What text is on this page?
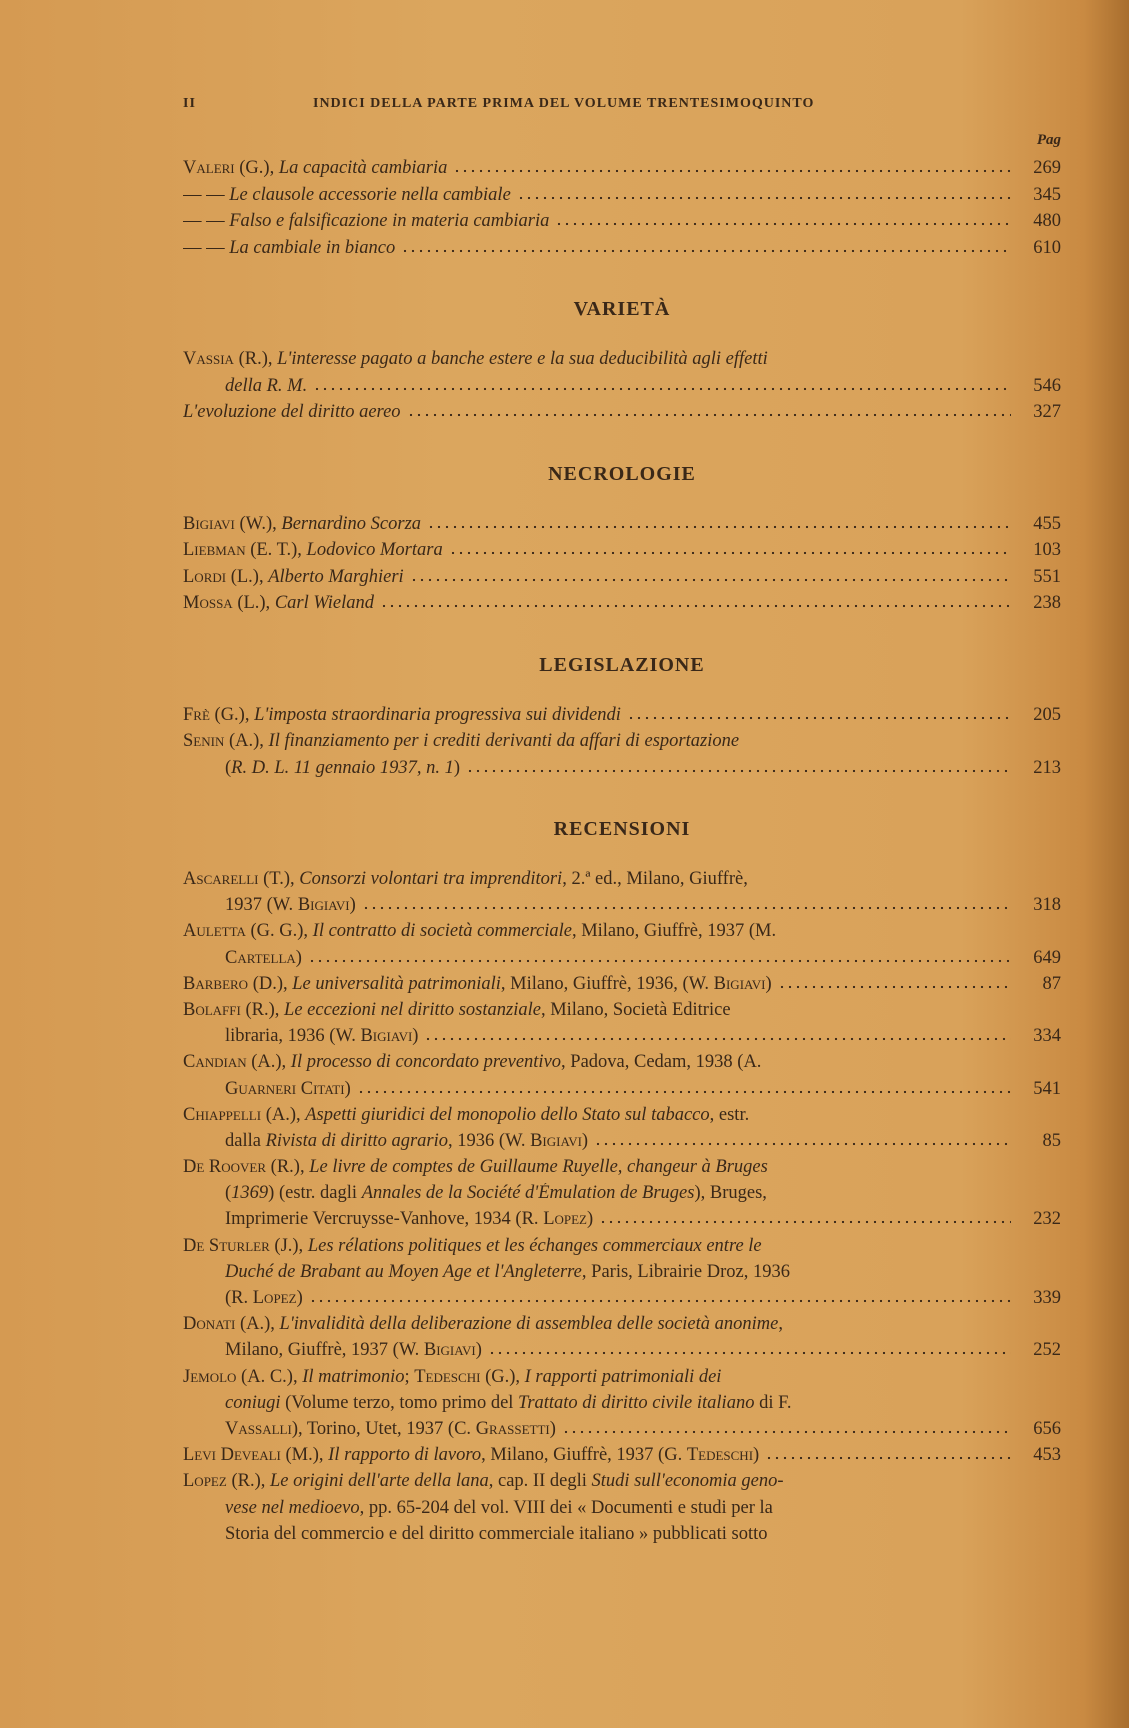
II	INDICI DELLA PARTE PRIMA DEL VOLUME TRENTESIMOQUINTO
Pag
Valeri (G.), La capacità cambiaria	269
— — Le clausole accessorie nella cambiale	345
— — Falso e falsificazione in materia cambiaria	480
— — La cambiale in bianco	610
VARIETÀ
Vassia (R.), L'interesse pagato a banche estere e la sua deducibilità agli effetti
della R. M.	546
L'evoluzione del diritto aereo	327
NECROLOGIE
Bigiavi (W.), Bernardino Scorza	455
Liebman (E. T.), Lodovico Mortara	103
Lordi (L.), Alberto Marghieri	551
Mossa (L.), Carl Wieland	238
LEGISLAZIONE
Frè (G.), L'imposta straordinaria progressiva sui dividendi	205
Senin (A.), Il finanziamento per i crediti derivanti da affari di esportazione
(R. D. L. 11 gennaio 1937, n. 1)	213
RECENSIONI
Ascarelli (T.), Consorzi volontari tra imprenditori, 2.ª ed., Milano, Giuffrè,
1937 (W. Bigiavi)	318
Auletta (G. G.), Il contratto di società commerciale, Milano, Giuffrè, 1937 (M.
Cartella)	649
Barbero (D.), Le universalità patrimoniali, Milano, Giuffrè, 1936, (W. Bigiavi)	87
Bolaffi (R.), Le eccezioni nel diritto sostanziale, Milano, Società Editrice
libraria, 1936 (W. Bigiavi)	334
Candian (A.), Il processo di concordato preventivo, Padova, Cedam, 1938 (A.
Guarneri Citati)	541
Chiappelli (A.), Aspetti giuridici del monopolio dello Stato sul tabacco, estr.
dalla Rivista di diritto agrario, 1936 (W. Bigiavi)	85
De Roover (R.), Le livre de comptes de Guillaume Ruyelle, changeur à Bruges
(1369) (estr. dagli Annales de la Société d'Émulation de Bruges), Bruges,
Imprimerie Vercruysse-Vanhove, 1934 (R. Lopez)	232
De Sturler (J.), Les rélations politiques et les échanges commerciaux entre le
Duché de Brabant au Moyen Age et l'Angleterre, Paris, Librairie Droz, 1936
(R. Lopez)	339
Donati (A.), L'invalidità della deliberazione di assemblea delle società anonime,
Milano, Giuffrè, 1937 (W. Bigiavi)	252
Jemolo (A. C.), Il matrimonio; Tedeschi (G.), I rapporti patrimoniali dei
coniugi (Volume terzo, tomo primo del Trattato di diritto civile italiano di F.
Vassalli), Torino, Utet, 1937 (C. Grassetti)	656
Levi Deveali (M.), Il rapporto di lavoro, Milano, Giuffrè, 1937 (G. Tedeschi)	453
Lopez (R.), Le origini dell'arte della lana, cap. II degli Studi sull'economia geno-
vese nel medioevo, pp. 65-204 del vol. VIII dei « Documenti e studi per la
Storia del commercio e del diritto commerciale italiano » pubblicati sotto
